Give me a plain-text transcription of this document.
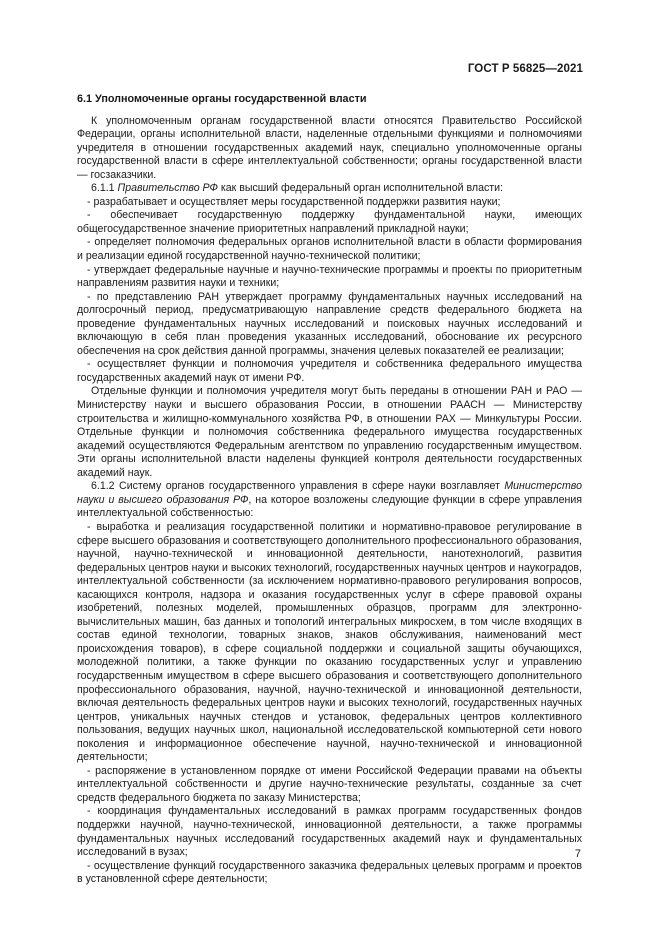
ГОСТ Р 56825—2021
6.1 Уполномоченные органы государственной власти

К уполномоченным органам государственной власти относятся Правительство Российской Федерации, органы исполнительной власти, наделенные отдельными функциями и полномочиями учредителя в отношении государственных академий наук, специально уполномоченные органы государственной власти в сфере интеллектуальной собственности; органы государственной власти — госзаказчики.

6.1.1 Правительство РФ как высший федеральный орган исполнительной власти:

- разрабатывает и осуществляет меры государственной поддержки развития науки;

- обеспечивает государственную поддержку фундаментальной науки, имеющих общегосударственное значение приоритетных направлений прикладной науки;

- определяет полномочия федеральных органов исполнительной власти в области формирования и реализации единой государственной научно-технической политики;

- утверждает федеральные научные и научно-технические программы и проекты по приоритетным направлениям развития науки и техники;

- по представлению РАН утверждает программу фундаментальных научных исследований на долгосрочный период, предусматривающую направление средств федерального бюджета на проведение фундаментальных научных исследований и поисковых научных исследований и включающую в себя план проведения указанных исследований, обоснование их ресурсного обеспечения на срок действия данной программы, значения целевых показателей ее реализации;

- осуществляет функции и полномочия учредителя и собственника федерального имущества государственных академий наук от имени РФ.

Отдельные функции и полномочия учредителя могут быть переданы в отношении РАН и РАО — Министерству науки и высшего образования России, в отношении РААСН — Министерству строительства и жилищно-коммунального хозяйства РФ, в отношении РАХ — Минкультуры России. Отдельные функции и полномочия собственника федерального имущества государственных академий осуществляются Федеральным агентством по управлению государственным имуществом. Эти органы исполнительной власти наделены функцией контроля деятельности государственных академий наук.

6.1.2 Систему органов государственного управления в сфере науки возглавляет Министерство науки и высшего образования РФ, на которое возложены следующие функции в сфере управления интеллектуальной собственностью:

- выработка и реализация государственной политики и нормативно-правовое регулирование в сфере высшего образования и соответствующего дополнительного профессионального образования, научной, научно-технической и инновационной деятельности, нанотехнологий, развития федеральных центров науки и высоких технологий, государственных научных центров и наукоградов, интеллектуальной собственности (за исключением нормативно-правового регулирования вопросов, касающихся контроля, надзора и оказания государственных услуг в сфере правовой охраны изобретений, полезных моделей, промышленных образцов, программ для электронно-вычислительных машин, баз данных и топологий интегральных микросхем, в том числе входящих в состав единой технологии, товарных знаков, знаков обслуживания, наименований мест происхождения товаров), в сфере социальной поддержки и социальной защиты обучающихся, молодежной политики, а также функции по оказанию государственных услуг и управлению государственным имуществом в сфере высшего образования и соответствующего дополнительного профессионального образования, научной, научно-технической и инновационной деятельности, включая деятельность федеральных центров науки и высоких технологий, государственных научных центров, уникальных научных стендов и установок, федеральных центров коллективного пользования, ведущих научных школ, национальной исследовательской компьютерной сети нового поколения и информационное обеспечение научной, научно-технической и инновационной деятельности;

- распоряжение в установленном порядке от имени Российской Федерации правами на объекты интеллектуальной собственности и другие научно-технические результаты, созданные за счет средств федерального бюджета по заказу Министерства;

- координация фундаментальных исследований в рамках программ государственных фондов поддержки научной, научно-технической, инновационной деятельности, а также программы фундаментальных научных исследований государственных академий наук и фундаментальных исследований в вузах;

- осуществление функций государственного заказчика федеральных целевых программ и проектов в установленной сфере деятельности;

7
